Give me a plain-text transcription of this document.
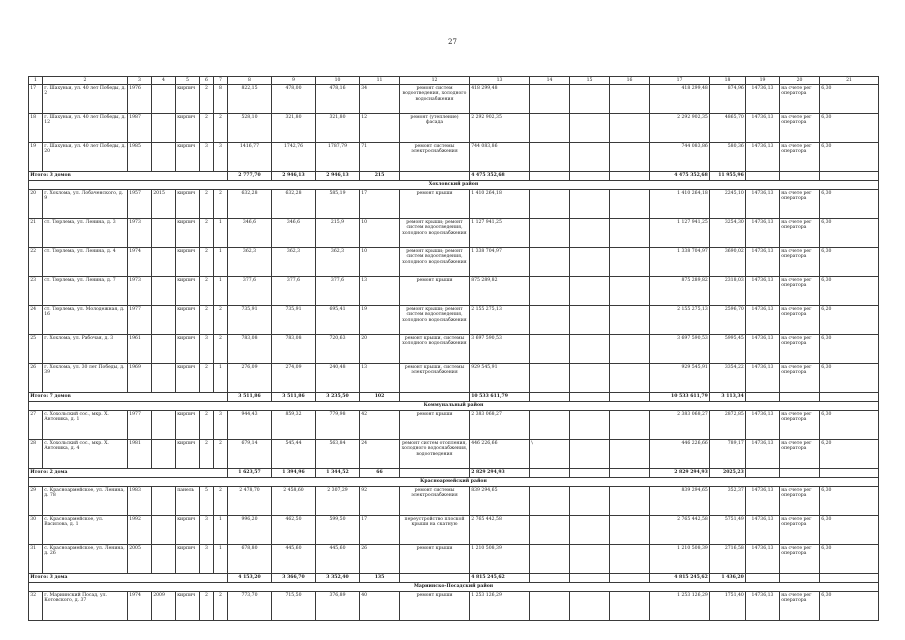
27
1	2	3	4	5	6	7	8	9	10	11	12	13	14	15	16	17	18	19	20	21
17	г. Шахуньи, ул. 40 лет Победы, д. 2	1976		кирпич	2	8	822,15	478,00	478,16	34	ремонт систем водоотведения, холодного водоснабжения	418 299,48				418 299,48	874,96	14736,13	на счете рег оператора	6,30
18	г. Шахуньи, ул. 40 лет Победы, д. 12	1987		кирпич	2	2	528,10	321,80	321,80	12	ремонт (утепление) фасада	2 292 902,35				2 292 902,35	4865,70	14736,13	на счете рег оператора	6,30
19	г. Шахуньи, ул. 40 лет Победы, д. 20	1985		кирпич	3	3	1416,77	1742,76	1787,79	71	ремонт системы электроснабжения	744 083,86				744 083,86	580,36	14736,13	на счете рег оператора	6,30
Итого: 3 домов							2 777,70	2 946,13	2 946,13	215		4 475 352,68				4 475 352,68	11 955,96			
Хохловский район																				
20	г. Хохлома, ул. Лобаченского, д. 9	1957	2015	кирпич	2	2	632,28	632,28	585,19	17	ремонт крыши	1 410 264,18				1 410 264,18	2245,10	14736,13	на счете рег оператора	6,30
21	ст. Тюрлема, ул. Ленина, д. 3	1973		кирпич	2	1	346,6	346,6	215,9	10	ремонт крыши; ремонт систем водоотведения, холодного водоснабжения	1 127 941,25				1 127 941,25	3254,30	14736,13	на счете рег оператора	6,30
22	ст. Тюрлема, ул. Ленина, д. 4	1974		кирпич	2	1	362,3	362,3	362,3	10	ремонт крыши; ремонт систем водоотведения, холодного водоснабжения	1 338 704,97				1 338 704,97	3690,02	14736,13	на счете рег оператора	6,30
23	ст. Тюрлема, ул. Ленина, д. 7	1973		кирпич	2	1	377,6	377,6	377,6	13	ремонт крыши	875 289,82				875 289,82	2318,03	14736,13	на счете рег оператора	6,30
24	ст. Тюрлема, ул. Молодежная, д. 16	1977		кирпич	2	2	735,91	735,91	695,41	19	ремонт крыши; ремонт систем водоотведения, холодного водоснабжения	2 155 275,13				2 155 275,13	2596,70	14736,13	на счете рег оператора	6,20
25	г. Хохлома, ул. Рабочая, д. 3	1961		кирпич	3	2	783,08	783,08	720,63	20	ремонт крыши, системы холодного водоснабжения	3 697 590,53				3 697 590,53	5995,45	14736,13	на счете рег оператора	6,30
26	г. Хохлома, ул. 30 лет Победы, д. 39	1969		кирпич	2	1	276,09	274,09	240,48	13	ремонт крыши, системы электроснабжения	929 545,91				929 545,91	3354,22	14736,13	на счете рег оператора	6,30
Итого: 7 домов							3 511,86	3 511,86	3 235,50	102		10 533 611,79				10 533 611,79	3 113,34			
Коммунальный район																				
27	с. Хохольский сос., мкр. Х. Антоника, д. 1	1977		кирпич	2	3	944,43	859,32	779,98	42	ремонт крыши	2 383 068,27				2 383 068,27	2872,85	14736,13	на счете рег оператора	6,30
28	с. Хохольский сос., мкр. Х. Антоника, д. 4	1981		кирпич	2	2	679,14	545,44	563,84	24	ремонт систем отопления, холодного водоснабжения, водоотведения	446 226,66	\			446 226,66	789,17	14736,13	на счете рег оператора	6,20
Итого: 2 дома							1 623,57	1 394,96	1 344,52	66		2 829 294,93				2 829 294,93	2025,23			
Красноармейский район																				
29	с. Красноармейское, ул. Ленина, д. 78	1983		панель	5	2	2 478,70	2 458,60	2 307,29	92	ремонт системы электроснабжения	839 294,65				839 294,65	352,37	14736,13	на счете рег оператора	6,30
30	с. Красноармейское, ул. Василова, д. 1	1992		кирпич	3	1	996,20	462,50	599,50	17	переустройство плоской крыши на скатную	2 765 442,58				2 765 442,58	5751,49	14736,13	на счете рег оператора	6,30
31	с. Красноармейское, ул. Ленина, д. 26	2005		кирпич	3	1	678,80	445,60	445,60	26	ремонт крыши	1 210 508,39				1 210 508,39	2716,58	14736,13	на счете рег оператора	6,30
Итого: 3 дома							4 153,20	3 366,70	3 352,40	135		4 815 245,62				4 815 245,62	1 436,20			
Мариинско-Посадский район																				
32	г. Мариинский Посад, ул. Котовского, д. 37	1974	2009	кирпич	2	2	773,70	715,50	376,89	40	ремонт крыши	1 253 126,29				1 253 126,29	1751,40	14736,13	на счете рег оператора	6,30
